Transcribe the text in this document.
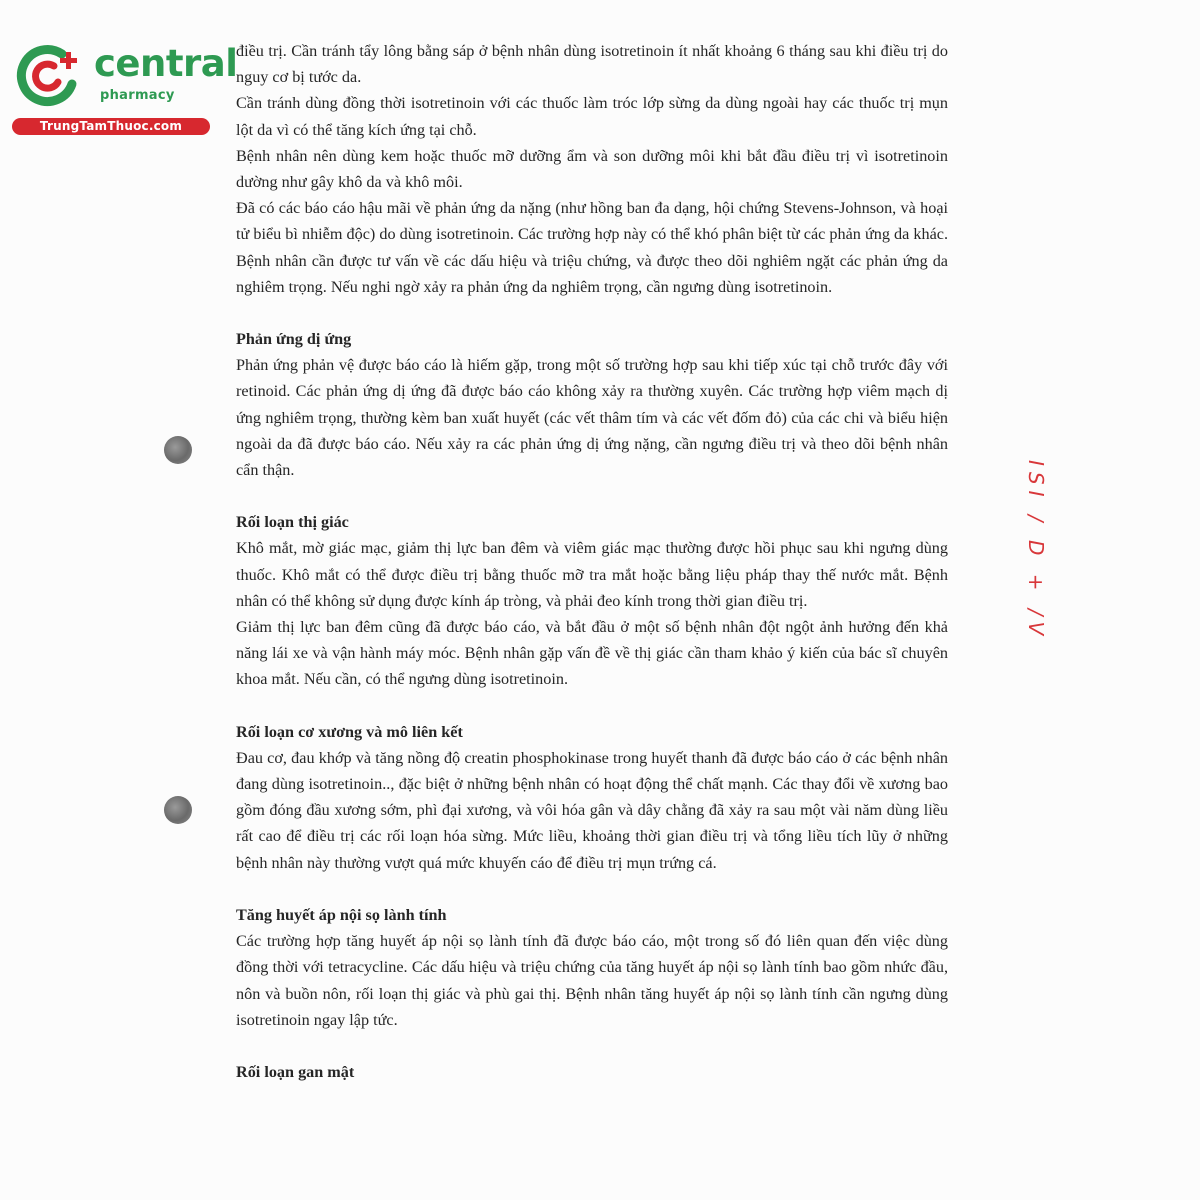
central
pharmacy
TrungTamThuoc.com
ISI / D + /V

điều trị. Cần tránh tẩy lông bằng sáp ở bệnh nhân dùng isotretinoin ít nhất khoảng 6 tháng sau khi điều trị do nguy cơ bị tước da.

Cần tránh dùng đồng thời isotretinoin với các thuốc làm tróc lớp sừng da dùng ngoài hay các thuốc trị mụn lột da vì có thể tăng kích ứng tại chỗ.

Bệnh nhân nên dùng kem hoặc thuốc mỡ dưỡng ẩm và son dưỡng môi khi bắt đầu điều trị vì isotretinoin dường như gây khô da và khô môi.

Đã có các báo cáo hậu mãi về phản ứng da nặng (như hồng ban đa dạng, hội chứng Stevens-Johnson, và hoại tử biểu bì nhiễm độc) do dùng isotretinoin. Các trường hợp này có thể khó phân biệt từ các phản ứng da khác. Bệnh nhân cần được tư vấn về các dấu hiệu và triệu chứng, và được theo dõi nghiêm ngặt các phản ứng da nghiêm trọng. Nếu nghi ngờ xảy ra phản ứng da nghiêm trọng, cần ngưng dùng isotretinoin.

Phản ứng dị ứng

Phản ứng phản vệ được báo cáo là hiếm gặp, trong một số trường hợp sau khi tiếp xúc tại chỗ trước đây với retinoid. Các phản ứng dị ứng đã được báo cáo không xảy ra thường xuyên. Các trường hợp viêm mạch dị ứng nghiêm trọng, thường kèm ban xuất huyết (các vết thâm tím và các vết đốm đỏ) của các chi và biểu hiện ngoài da đã được báo cáo. Nếu xảy ra các phản ứng dị ứng nặng, cần ngưng điều trị và theo dõi bệnh nhân cẩn thận.

Rối loạn thị giác

Khô mắt, mờ giác mạc, giảm thị lực ban đêm và viêm giác mạc thường được hồi phục sau khi ngưng dùng thuốc. Khô mắt có thể được điều trị bằng thuốc mỡ tra mắt hoặc bằng liệu pháp thay thế nước mắt. Bệnh nhân có thể không sử dụng được kính áp tròng, và phải đeo kính trong thời gian điều trị.

Giảm thị lực ban đêm cũng đã được báo cáo, và bắt đầu ở một số bệnh nhân đột ngột ảnh hưởng đến khả năng lái xe và vận hành máy móc. Bệnh nhân gặp vấn đề về thị giác cần tham khảo ý kiến của bác sĩ chuyên khoa mắt. Nếu cần, có thể ngưng dùng isotretinoin.

Rối loạn cơ xương và mô liên kết

Đau cơ, đau khớp và tăng nồng độ creatin phosphokinase trong huyết thanh đã được báo cáo ở các bệnh nhân đang dùng isotretinoin.., đặc biệt ở những bệnh nhân có hoạt động thể chất mạnh. Các thay đổi về xương bao gồm đóng đầu xương sớm, phì đại xương, và vôi hóa gân và dây chằng đã xảy ra sau một vài năm dùng liều rất cao để điều trị các rối loạn hóa sừng. Mức liều, khoảng thời gian điều trị và tổng liều tích lũy ở những bệnh nhân này thường vượt quá mức khuyến cáo để điều trị mụn trứng cá.

Tăng huyết áp nội sọ lành tính

Các trường hợp tăng huyết áp nội sọ lành tính đã được báo cáo, một trong số đó liên quan đến việc dùng đồng thời với tetracycline. Các dấu hiệu và triệu chứng của tăng huyết áp nội sọ lành tính bao gồm nhức đầu, nôn và buồn nôn, rối loạn thị giác và phù gai thị. Bệnh nhân tăng huyết áp nội sọ lành tính cần ngưng dùng isotretinoin ngay lập tức.

Rối loạn gan mật
